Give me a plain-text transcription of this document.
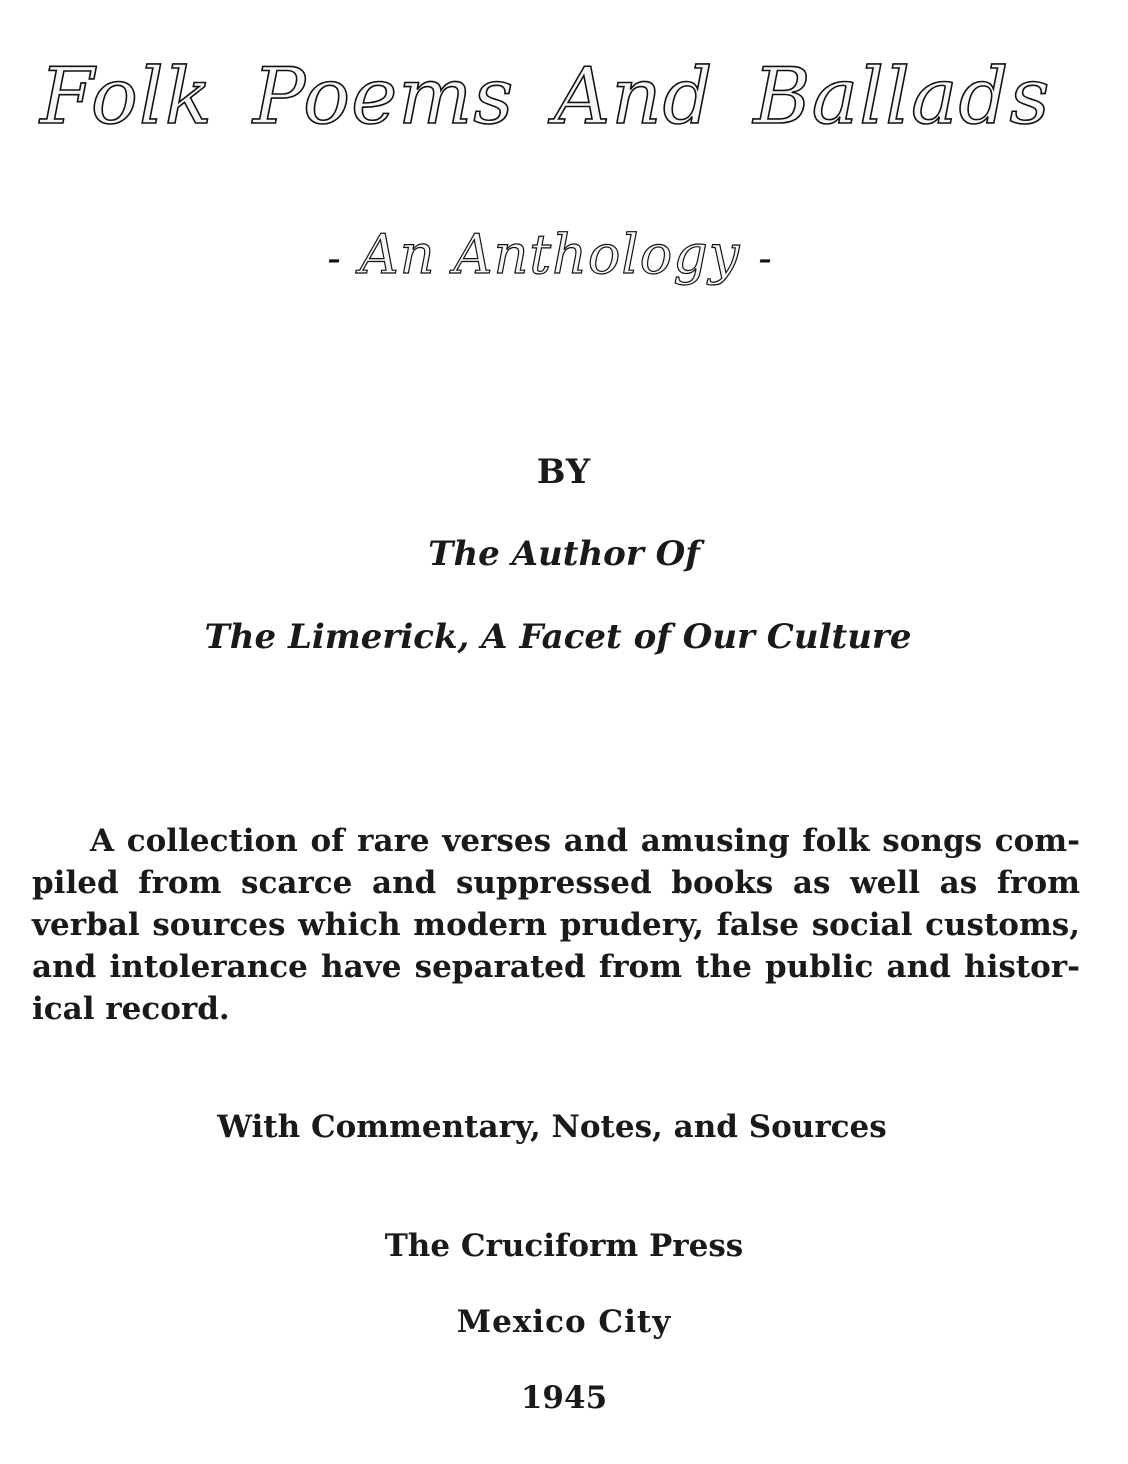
Folk Poems And Ballads
- An Anthology -
BY
The Author Of
The Limerick, A Facet of Our Culture
A collection of rare verses and amusing folk songs com-
piled from scarce and suppressed books as well as from
verbal sources which modern prudery, false social customs,
and intolerance have separated from the public and histor-
ical record.
With Commentary, Notes, and Sources
The Cruciform Press
Mexico City
1945
